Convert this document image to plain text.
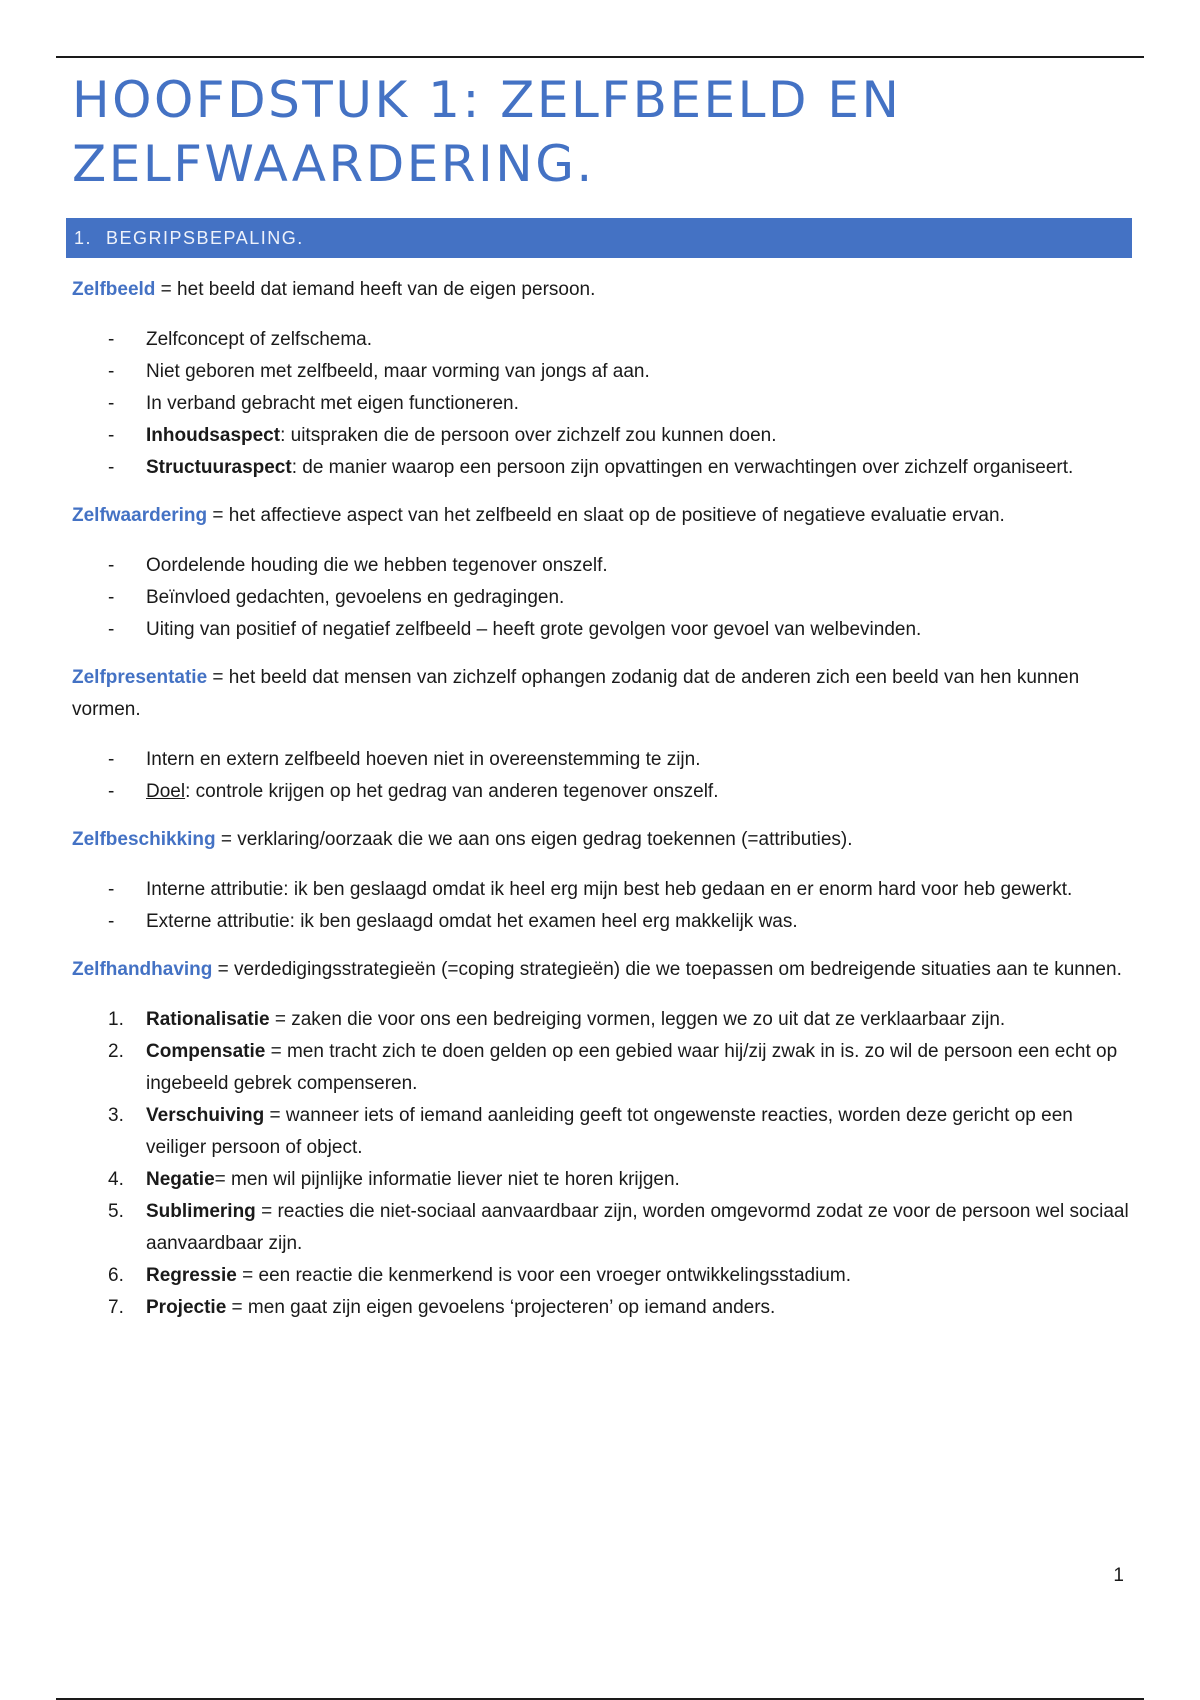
HOOFDSTUK 1: ZELFBEELD EN ZELFWAARDERING.
1. BEGRIPSBEPALING.

Zelfbeeld = het beeld dat iemand heeft van de eigen persoon.

- Zelfconcept of zelfschema.
- Niet geboren met zelfbeeld, maar vorming van jongs af aan.
- In verband gebracht met eigen functioneren.
- Inhoudsaspect: uitspraken die de persoon over zichzelf zou kunnen doen.
- Structuuraspect: de manier waarop een persoon zijn opvattingen en verwachtingen over zichzelf organiseert.

Zelfwaardering = het affectieve aspect van het zelfbeeld en slaat op de positieve of negatieve evaluatie ervan.

- Oordelende houding die we hebben tegenover onszelf.
- Beïnvloed gedachten, gevoelens en gedragingen.
- Uiting van positief of negatief zelfbeeld – heeft grote gevolgen voor gevoel van welbevinden.

Zelfpresentatie = het beeld dat mensen van zichzelf ophangen zodanig dat de anderen zich een beeld van hen kunnen vormen.

- Intern en extern zelfbeeld hoeven niet in overeenstemming te zijn.
- Doel: controle krijgen op het gedrag van anderen tegenover onszelf.

Zelfbeschikking = verklaring/oorzaak die we aan ons eigen gedrag toekennen (=attributies).

- Interne attributie: ik ben geslaagd omdat ik heel erg mijn best heb gedaan en er enorm hard voor heb gewerkt.
- Externe attributie: ik ben geslaagd omdat het examen heel erg makkelijk was.

Zelfhandhaving = verdedigingsstrategieën (=coping strategieën) die we toepassen om bedreigende situaties aan te kunnen.

1. Rationalisatie = zaken die voor ons een bedreiging vormen, leggen we zo uit dat ze verklaarbaar zijn.
2. Compensatie = men tracht zich te doen gelden op een gebied waar hij/zij zwak in is. zo wil de persoon een echt op ingebeeld gebrek compenseren.
3. Verschuiving = wanneer iets of iemand aanleiding geeft tot ongewenste reacties, worden deze gericht op een veiliger persoon of object.
4. Negatie= men wil pijnlijke informatie liever niet te horen krijgen.
5. Sublimering = reacties die niet-sociaal aanvaardbaar zijn, worden omgevormd zodat ze voor de persoon wel sociaal aanvaardbaar zijn.
6. Regressie = een reactie die kenmerkend is voor een vroeger ontwikkelingsstadium.
7. Projectie = men gaat zijn eigen gevoelens ‘projecteren’ op iemand anders.
1
